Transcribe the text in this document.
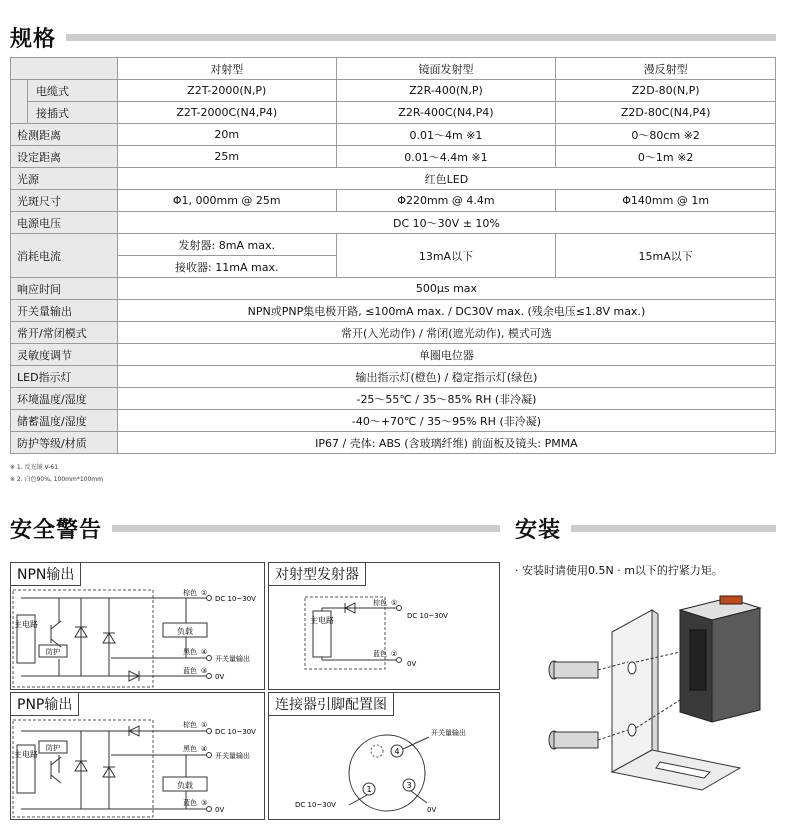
规格
		对射型	镜面发射型	漫反射型
	电缆式	Z2T-2000(N,P)	Z2R-400(N,P)	Z2D-80(N,P)
	接插式	Z2T-2000C(N4,P4)	Z2R-400C(N4,P4)	Z2D-80C(N4,P4)
检测距离		20m	0.01～4m ※1	0～80cm ※2
设定距离		25m	0.01～4.4m ※1	0～1m ※2
光源		红色LED		
光斑尺寸		Φ1, 000mm @ 25m	Φ220mm @ 4.4m	Φ140mm @ 1m
电源电压		DC 10～30V ± 10%		
消耗电流		发射器: 8mA max.	13mA以下	15mA以下
		接收器: 11mA max.		
响应时间		500μs max		
开关量输出		NPN或PNP集电极开路, ≤100mA max. / DC30V max. (残余电压≤1.8V max.)		
常开/常闭模式		常开(入光动作) / 常闭(遮光动作), 模式可选		
灵敏度调节		单圈电位器		
LED指示灯		输出指示灯(橙色) / 稳定指示灯(绿色)		
环境温度/湿度		-25～55℃ / 35～85% RH (非冷凝)		
储蓄温度/湿度		-40～+70℃ / 35～95% RH (非冷凝)		
防护等级/材质		IP67 / 壳体: ABS (含玻璃纤维) 前面板及镜头: PMMA		
※ 1. 反光镜 V-61
※ 2. 白色90%, 100mm*100mm
安全警告	安装
NPN输出
主电路
防护
负载
棕色 ①
DC 10~30V
黑色 ④
开关量输出
蓝色 ③
0V
PNP输出
主电路
防护
负载
棕色 ①
DC 10~30V
黑色 ④
开关量输出
蓝色 ③
0V
对射型发射器
主电路
棕色 ①
DC 10~30V
蓝色 ②
0V
连接器引脚配置图
4
1	3
开关量输出
DC 10~30V
0V
· 安装时请使用0.5N · m以下的拧紧力矩。
